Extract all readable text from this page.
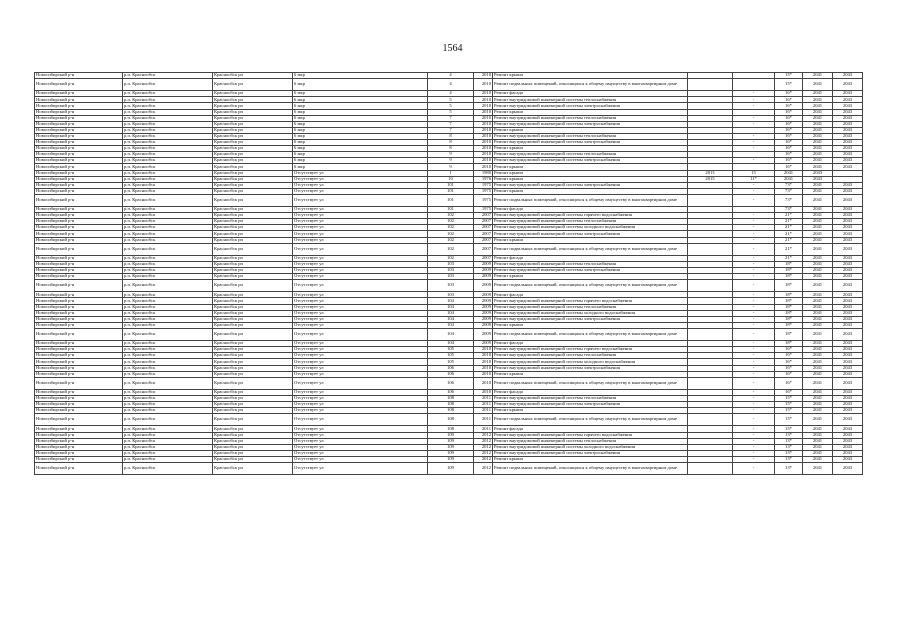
1564
Новосибирский р-н	р.п. Краснообск	Краснообск рп	6 мкр	4	2010	Ремонт крыши			15*	2041	2043
Новосибирский р-н	р.п. Краснообск	Краснообск рп	6 мкр	4	2010	Ремонт подвальных помещений, относящихся к общему имуществу в многоквартирном доме			15*	2041	2043
Новосибирский р-н	р.п. Краснообск	Краснообск рп	6 мкр	4	2010	Ремонт фасада		-	16*	2041	2043
Новосибирский р-н	р.п. Краснообск	Краснообск рп	6 мкр	5	2010	Ремонт внутридомовой инженерной системы теплоснабжения		-	16*	2041	2043
Новосибирский р-н	р.п. Краснообск	Краснообск рп	6 мкр	5	2010	Ремонт внутридомовой инженерной системы электроснабжения		-	16*	2041	2043
Новосибирский р-н	р.п. Краснообск	Краснообск рп	6 мкр	5	2010	Ремонт крыши			16*	2041	2043
Новосибирский р-н	р.п. Краснообск	Краснообск рп	6 мкр	7	2010	Ремонт внутридомовой инженерной системы теплоснабжения		-	16*	2041	2043
Новосибирский р-н	р.п. Краснообск	Краснообск рп	6 мкр	7	2010	Ремонт внутридомовой инженерной системы электроснабжения		-	16*	2041	2043
Новосибирский р-н	р.п. Краснообск	Краснообск рп	6 мкр	7	2010	Ремонт крыши			16*	2041	2043
Новосибирский р-н	р.п. Краснообск	Краснообск рп	6 мкр	8	2010	Ремонт внутридомовой инженерной системы теплоснабжения		-	16*	2041	2043
Новосибирский р-н	р.п. Краснообск	Краснообск рп	6 мкр	8	2010	Ремонт внутридомовой инженерной системы электроснабжения		-	16*	2041	2043
Новосибирский р-н	р.п. Краснообск	Краснообск рп	6 мкр	8	2010	Ремонт крыши		-	16*	2041	2043
Новосибирский р-н	р.п. Краснообск	Краснообск рп	6 мкр	9	2010	Ремонт внутридомовой инженерной системы теплоснабжения			16*	2041	2043
Новосибирский р-н	р.п. Краснообск	Краснообск рп	6 мкр	9	2010	Ремонт внутридомовой инженерной системы электроснабжения		-	16*	2041	2043
Новосибирский р-н	р.п. Краснообск	Краснообск рп	6 мкр	9	2010	Ремонт крыши			16*	2041	2043
Новосибирский р-н	р.п. Краснообск	Краснообск рп	Отсутствует ул	1	1980	Ремонт крыши	2013	15	2041	2043	
Новосибирский р-н	р.п. Краснообск	Краснообск рп	Отсутствует ул	10	1976	Ремонт крыши	2015	11*	2041	2043	
Новосибирский р-н	р.п. Краснообск	Краснообск рп	Отсутствует ул	101	1975	Ремонт внутридомовой инженерной системы электроснабжения		-	73*	2041	2043
Новосибирский р-н	р.п. Краснообск	Краснообск рп	Отсутствует ул	101	1975	Ремонт крыши		-	73*	2041	2043
Новосибирский р-н	р.п. Краснообск	Краснообск рп	Отсутствует ул	101	1975	Ремонт подвальных помещений, относящихся к общему имуществу в многоквартирном доме		-	73*	2041	2043
Новосибирский р-н	р.п. Краснообск	Краснообск рп	Отсутствует ул	101	1975	Ремонт фасада			73*	2041	2043
Новосибирский р-н	р.п. Краснообск	Краснообск рп	Отсутствует ул	102	2007	Ремонт внутридомовой инженерной системы горячего водоснабжения		-	21*	2041	2043
Новосибирский р-н	р.п. Краснообск	Краснообск рп	Отсутствует ул	102	2007	Ремонт внутридомовой инженерной системы теплоснабжения		-	21*	2041	2043
Новосибирский р-н	р.п. Краснообск	Краснообск рп	Отсутствует ул	102	2007	Ремонт внутридомовой инженерной системы холодного водоснабжения		-	21*	2041	2043
Новосибирский р-н	р.п. Краснообск	Краснообск рп	Отсутствует ул	102	2007	Ремонт внутридомовой инженерной системы электроснабжения		-	21*	2041	2043
Новосибирский р-н	р.п. Краснообск	Краснообск рп	Отсутствует ул	102	2007	Ремонт крыши		-	21*	2041	2043
Новосибирский р-н	р.п. Краснообск	Краснообск рп	Отсутствует ул	102	2007	Ремонт подвальных помещений, относящихся к общему имуществу в многоквартирном доме		-	21*	2041	2043
Новосибирский р-н	р.п. Краснообск	Краснообск рп	Отсутствует ул	102	2007	Ремонт фасада		-	21*	2041	2043
Новосибирский р-н	р.п. Краснообск	Краснообск рп	Отсутствует ул	103	2009	Ремонт внутридомовой инженерной системы теплоснабжения		-	18*	2041	2043
Новосибирский р-н	р.п. Краснообск	Краснообск рп	Отсутствует ул	103	2009	Ремонт внутридомовой инженерной системы электроснабжения		-	18*	2041	2043
Новосибирский р-н	р.п. Краснообск	Краснообск рп	Отсутствует ул	103	2009	Ремонт крыши		-	18*	2041	2043
Новосибирский р-н	р.п. Краснообск	Краснообск рп	Отсутствует ул	103	2009	Ремонт подвальных помещений, относящихся к общему имуществу в многоквартирном доме		-	18*	2041	2043
Новосибирский р-н	р.п. Краснообск	Краснообск рп	Отсутствует ул	103	2009	Ремонт фасада		-	18*	2041	2043
Новосибирский р-н	р.п. Краснообск	Краснообск рп	Отсутствует ул	104	2009	Ремонт внутридомовой инженерной системы горячего водоснабжения		-	18*	2041	2043
Новосибирский р-н	р.п. Краснообск	Краснообск рп	Отсутствует ул	104	2009	Ремонт внутридомовой инженерной системы теплоснабжения		-	18*	2041	2043
Новосибирский р-н	р.п. Краснообск	Краснообск рп	Отсутствует ул	104	2009	Ремонт внутридомовой инженерной системы холодного водоснабжения		-	18*	2041	2043
Новосибирский р-н	р.п. Краснообск	Краснообск рп	Отсутствует ул	104	2009	Ремонт внутридомовой инженерной системы электроснабжения		-	18*	2041	2043
Новосибирский р-н	р.п. Краснообск	Краснообск рп	Отсутствует ул	104	2009	Ремонт крыши		-	18*	2041	2043
Новосибирский р-н	р.п. Краснообск	Краснообск рп	Отсутствует ул	104	2009	Ремонт подвальных помещений, относящихся к общему имуществу в многоквартирном доме		-	18*	2041	2043
Новосибирский р-н	р.п. Краснообск	Краснообск рп	Отсутствует ул	104	2009	Ремонт фасада		-	18*	2041	2043
Новосибирский р-н	р.п. Краснообск	Краснообск рп	Отсутствует ул	105	2010	Ремонт внутридомовой инженерной системы горячего водоснабжения		-	16*	2041	2043
Новосибирский р-н	р.п. Краснообск	Краснообск рп	Отсутствует ул	105	2010	Ремонт внутридомовой инженерной системы теплоснабжения		-	16*	2041	2043
Новосибирский р-н	р.п. Краснообск	Краснообск рп	Отсутствует ул	105	2010	Ремонт внутридомовой инженерной системы холодного водоснабжения		-	16*	2041	2043
Новосибирский р-н	р.п. Краснообск	Краснообск рп	Отсутствует ул	106	2010	Ремонт внутридомовой инженерной системы электроснабжения		-	16*	2041	2043
Новосибирский р-н	р.п. Краснообск	Краснообск рп	Отсутствует ул	106	2010	Ремонт крыши		-	16*	2041	2043
Новосибирский р-н	р.п. Краснообск	Краснообск рп	Отсутствует ул	106	2010	Ремонт подвальных помещений, относящихся к общему имуществу в многоквартирном доме		-	16*	2041	2043
Новосибирский р-н	р.п. Краснообск	Краснообск рп	Отсутствует ул	106	2010	Ремонт фасада		-	16*	2041	2043
Новосибирский р-н	р.п. Краснообск	Краснообск рп	Отсутствует ул	108	2011	Ремонт внутридомовой инженерной системы теплоснабжения		-	15*	2041	2043
Новосибирский р-н	р.п. Краснообск	Краснообск рп	Отсутствует ул	108	2011	Ремонт внутридомовой инженерной системы электроснабжения		-	15*	2041	2043
Новосибирский р-н	р.п. Краснообск	Краснообск рп	Отсутствует ул	108	2011	Ремонт крыши		-	15*	2041	2043
Новосибирский р-н	р.п. Краснообск	Краснообск рп	Отсутствует ул	108	2011	Ремонт подвальных помещений, относящихся к общему имуществу в многоквартирном доме		-	15*	2041	2043
Новосибирский р-н	р.п. Краснообск	Краснообск рп	Отсутствует ул	108	2011	Ремонт фасада		-	15*	2041	2043
Новосибирский р-н	р.п. Краснообск	Краснообск рп	Отсутствует ул	109	2012	Ремонт внутридомовой инженерной системы горячего водоснабжения		-	13*	2041	2043
Новосибирский р-н	р.п. Краснообск	Краснообск рп	Отсутствует ул	109	2012	Ремонт внутридомовой инженерной системы теплоснабжения		-	13*	2041	2043
Новосибирский р-н	р.п. Краснообск	Краснообск рп	Отсутствует ул	109	2012	Ремонт внутридомовой инженерной системы холодного водоснабжения		-	13*	2041	2043
Новосибирский р-н	р.п. Краснообск	Краснообск рп	Отсутствует ул	109	2012	Ремонт внутридомовой инженерной системы электроснабжения		-	13*	2041	2043
Новосибирский р-н	р.п. Краснообск	Краснообск рп	Отсутствует ул	109	2012	Ремонт крыши		-	13*	2041	2043
Новосибирский р-н	р.п. Краснообск	Краснообск рп	Отсутствует ул	109	2012	Ремонт подвальных помещений, относящихся к общему имуществу в многоквартирном доме		-	13*	2041	2043
